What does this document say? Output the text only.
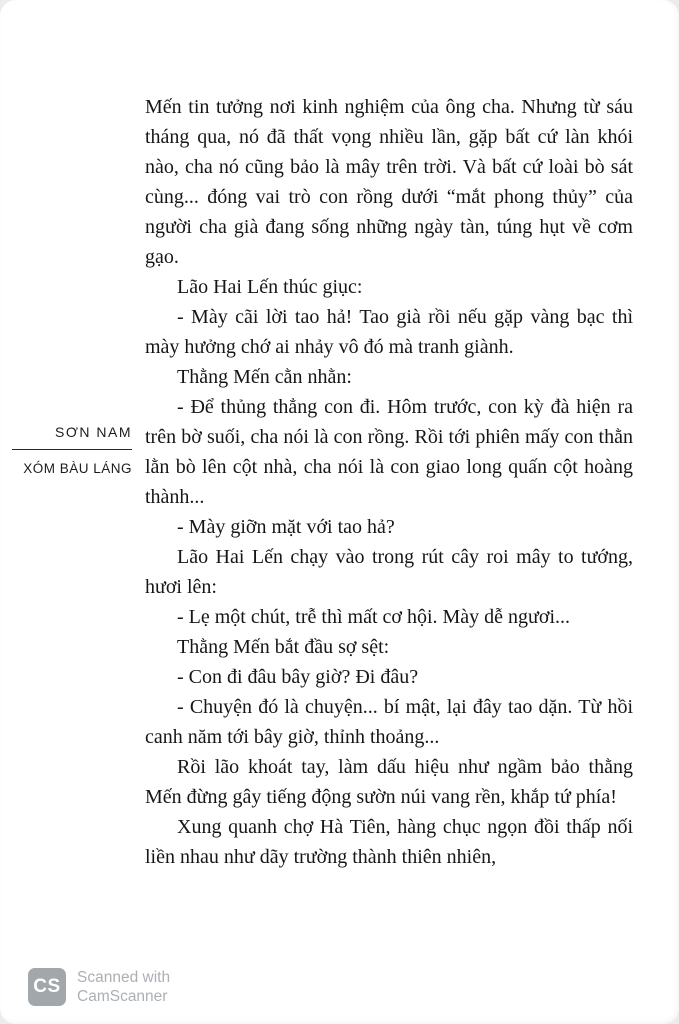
SƠN NAM
XÓM BÀU LÁNG

Mến tin tưởng nơi kinh nghiệm của ông cha. Nhưng từ sáu tháng qua, nó đã thất vọng nhiều lần, gặp bất cứ làn khói nào, cha nó cũng bảo là mây trên trời. Và bất cứ loài bò sát cùng... đóng vai trò con rồng dưới “mắt phong thủy” của người cha già đang sống những ngày tàn, túng hụt về cơm gạo.

Lão Hai Lến thúc giục:

- Mày cãi lời tao hả! Tao già rồi nếu gặp vàng bạc thì mày hưởng chớ ai nhảy vô đó mà tranh giành.

Thằng Mến cằn nhằn:

- Để thủng thẳng con đi. Hôm trước, con kỳ đà hiện ra trên bờ suối, cha nói là con rồng. Rồi tới phiên mấy con thằn lằn bò lên cột nhà, cha nói là con giao long quấn cột hoàng thành...

- Mày giỡn mặt với tao hả?

Lão Hai Lến chạy vào trong rút cây roi mây to tướng, hươi lên:

- Lẹ một chút, trễ thì mất cơ hội. Mày dễ ngươi...

Thằng Mến bắt đầu sợ sệt:

- Con đi đâu bây giờ? Đi đâu?

- Chuyện đó là chuyện... bí mật, lại đây tao dặn. Từ hồi canh năm tới bây giờ, thỉnh thoảng...

Rồi lão khoát tay, làm dấu hiệu như ngầm bảo thằng Mến đừng gây tiếng động sườn núi vang rền, khắp tứ phía!

Xung quanh chợ Hà Tiên, hàng chục ngọn đồi thấp nối liền nhau như dãy trường thành thiên nhiên,

CS Scanned with
CamScanner
